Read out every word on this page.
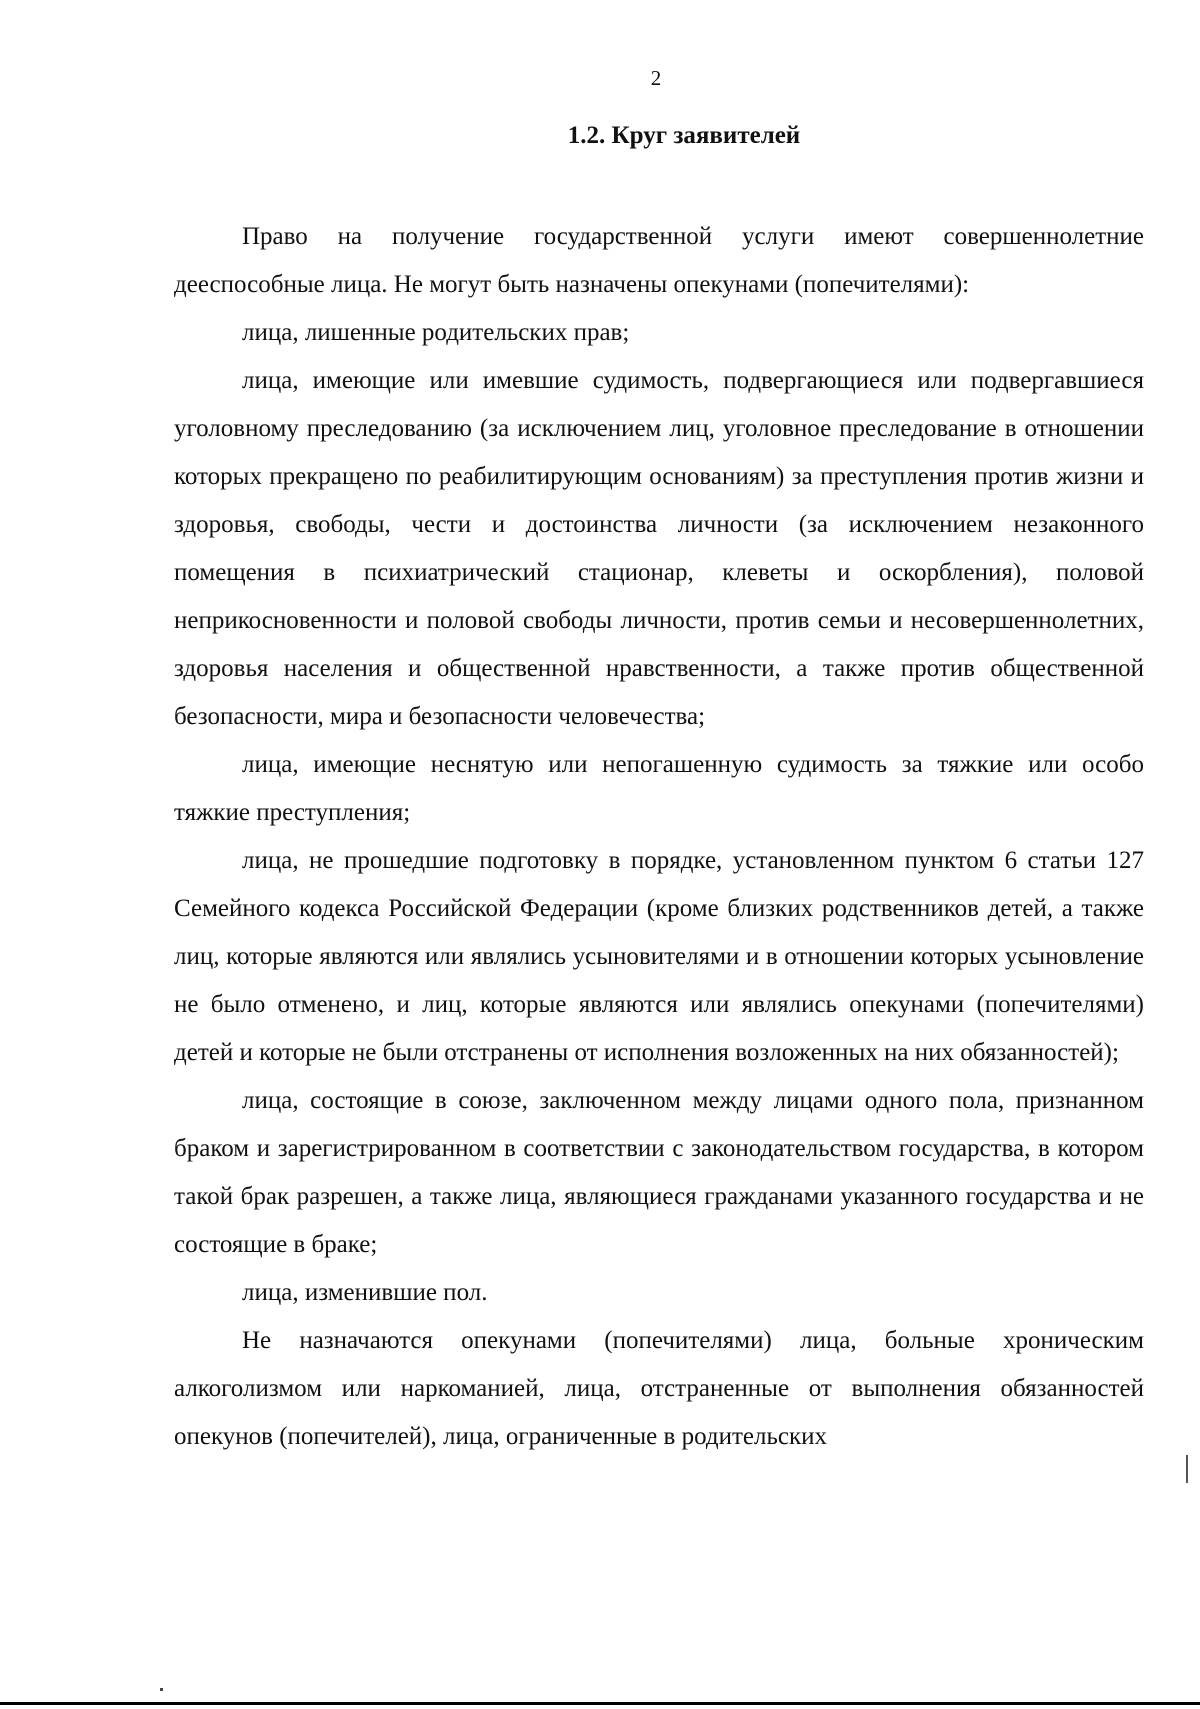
2
1.2. Круг заявителей

Право на получение государственной услуги имеют совершеннолетние дееспособные лица. Не могут быть назначены опекунами (попечителями):

лица, лишенные родительских прав;

лица, имеющие или имевшие судимость, подвергающиеся или подвергавшиеся уголовному преследованию (за исключением лиц, уголовное преследование в отношении которых прекращено по реабилитирующим основаниям) за преступления против жизни и здоровья, свободы, чести и достоинства личности (за исключением незаконного помещения в психиатрический стационар, клеветы и оскорбления), половой неприкосновенности и половой свободы личности, против семьи и несовершеннолетних, здоровья населения и общественной нравственности, а также против общественной безопасности, мира и безопасности человечества;

лица, имеющие неснятую или непогашенную судимость за тяжкие или особо тяжкие преступления;

лица, не прошедшие подготовку в порядке, установленном пунктом 6 статьи 127 Семейного кодекса Российской Федерации (кроме близких родственников детей, а также лиц, которые являются или являлись усыновителями и в отношении которых усыновление не было отменено, и лиц, которые являются или являлись опекунами (попечителями) детей и которые не были отстранены от исполнения возложенных на них обязанностей);

лица, состоящие в союзе, заключенном между лицами одного пола, признанном браком и зарегистрированном в соответствии с законодательством государства, в котором такой брак разрешен, а также лица, являющиеся гражданами указанного государства и не состоящие в браке;

лица, изменившие пол.

Не назначаются опекунами (попечителями) лица, больные хроническим алкоголизмом или наркоманией, лица, отстраненные от выполнения обязанностей опекунов (попечителей), лица, ограниченные в родительских
